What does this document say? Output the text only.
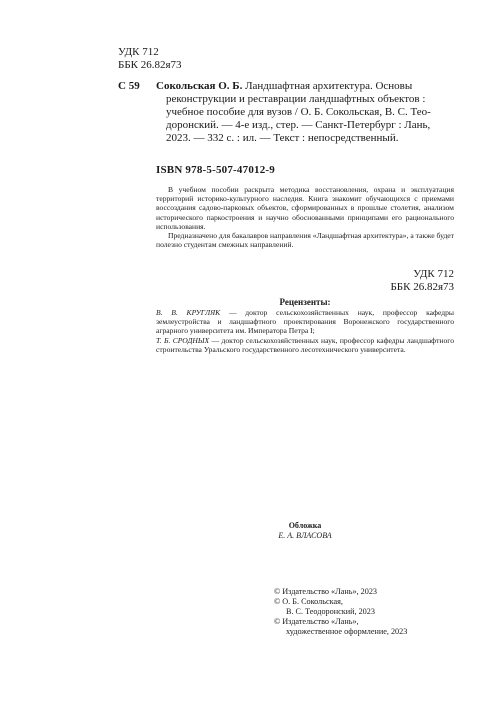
УДК 712
ББК 26.82я73
С 59 Сокольская О. Б. Ландшафтная архитектура. Основы
реконструкции и реставрации ландшафтных объектов :
учебное пособие для вузов / О. Б. Сокольская, В. С. Тео-
доронский. — 4-е изд., стер. — Санкт-Петербург : Лань,
2023. — 332 с. : ил. — Текст : непосредственный.
ISBN 978-5-507-47012-9

В учебном пособии раскрыта методика восстановления, охрана и эксплуатация территорий историко-культурного наследия. Книга знакомит обучающихся с приемами воссоздания садово-парковых объектов, сформированных в прошлые столетия, анализом исторического паркостроения и научно обоснованными принципами его рационального использования.

Предназначено для бакалавров направления «Ландшафтная архитектура», а также будет полезно студентам смежных направлений.

УДК 712
ББК 26.82я73
Рецензенты:

В. В. КРУГЛЯК — доктор сельскохозяйственных наук, профессор кафедры землеустройства и ландшафтного проектирования Воронежского государственного аграрного университета им. Императора Петра I;

Т. Б. СРОДНЫХ — доктор сельскохозяйственных наук, профессор кафедры ландшафтного строительства Уральского государственного лесотехнического университета.

Обложка
Е. А. ВЛАСОВА

© Издательство «Лань», 2023

© О. Б. Сокольская,

В. С. Теодоронский, 2023

© Издательство «Лань»,

художественное оформление, 2023
